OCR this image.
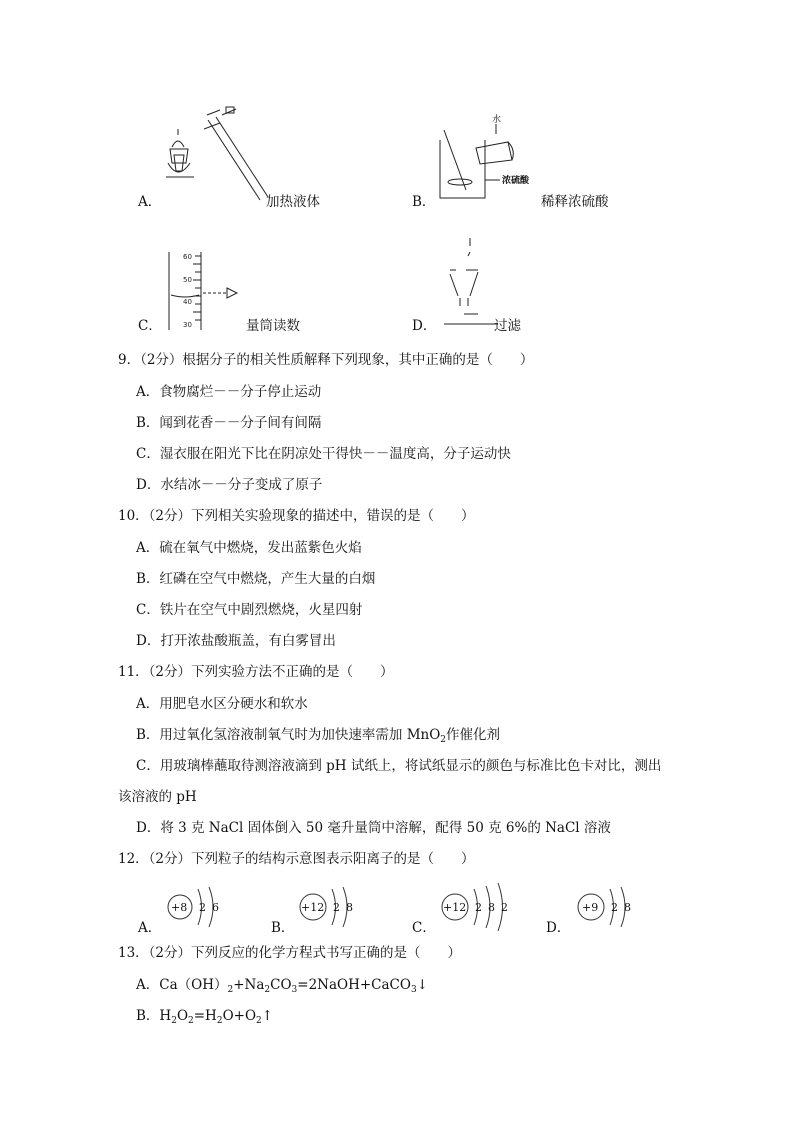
A．	加热液体
水
浓硫酸
B．	稀释浓硫酸
60
50
40
30
C．	量筒读数	D．	过滤
9．（2分）根据分子的相关性质解释下列现象，其中正确的是（　　）
A．食物腐烂－－分子停止运动
B．闻到花香－－分子间有间隔
C．湿衣服在阳光下比在阴凉处干得快－－温度高，分子运动快
D．水结冰－－分子变成了原子
10．（2分）下列相关实验现象的描述中，错误的是（　　）
A．硫在氧气中燃烧，发出蓝紫色火焰
B．红磷在空气中燃烧，产生大量的白烟
C．铁片在空气中剧烈燃烧，火星四射
D．打开浓盐酸瓶盖，有白雾冒出
11．（2分）下列实验方法不正确的是（　　）
A．用肥皂水区分硬水和软水
B．用过氧化氢溶液制氧气时为加快速率需加 MnO$_2$作催化剂
C．用玻璃棒蘸取待测溶液滴到 pH 试纸上，将试纸显示的颜色与标准比色卡对比，测出
该溶液的 pH
D．将 3 克 NaCl 固体倒入 50 毫升量筒中溶解，配得 50 克 6%的 NaCl 溶液
12．（2分）下列粒子的结构示意图表示阳离子的是（　　）
A．
+8 2 6
B．
+12 2 8
C．
+12 2 8 2
D．
+9 2 8
13．（2分）下列反应的化学方程式书写正确的是（　　）
A．$Ca(OH)_2+Na_2CO_3=2NaOH+CaCO_3↓$
B．$H_2O_2=H_2O+O_2↑$
